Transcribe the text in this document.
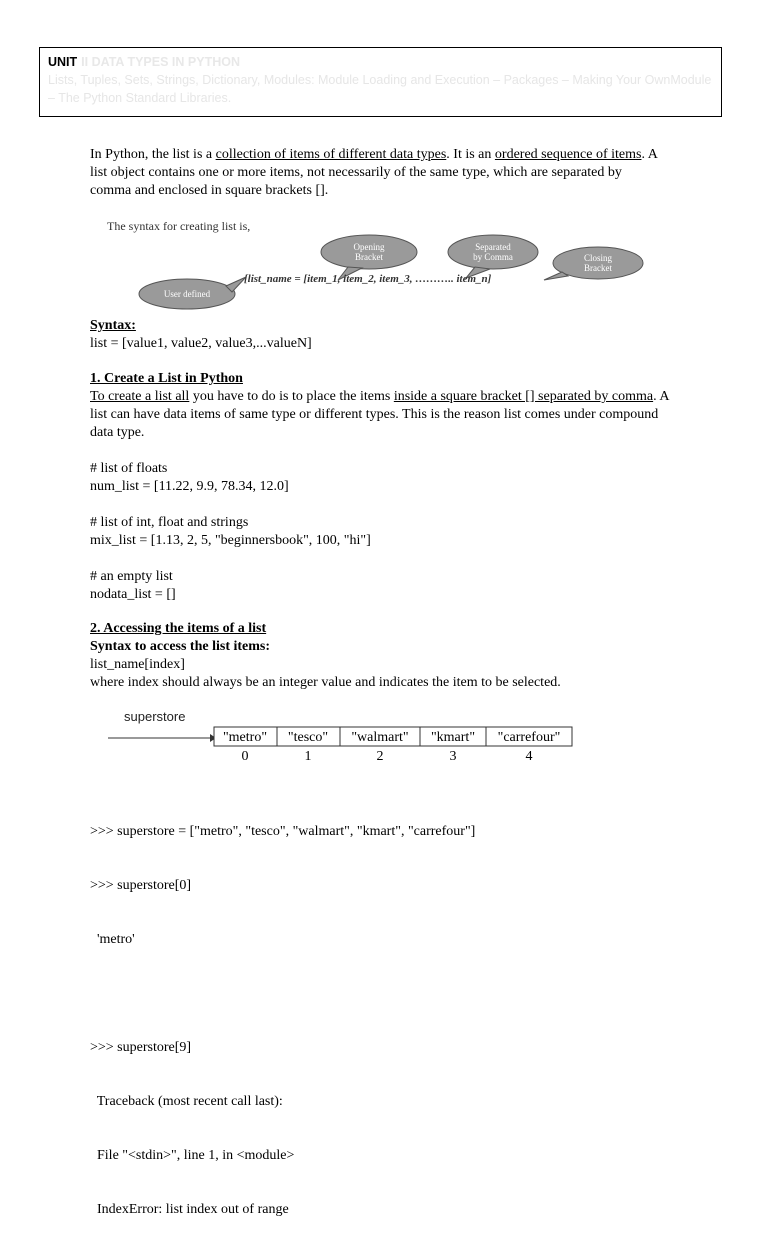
UNIT II DATA TYPES IN PYTHON
Lists, Tuples, Sets, Strings, Dictionary, Modules: Module Loading and Execution – Packages – Making Your OwnModule – The Python Standard Libraries.
In Python, the list is a collection of items of different data types. It is an ordered sequence of items. A list object contains one or more items, not necessarily of the same type, which are separated by comma and enclosed in square brackets [].
The syntax for creating list is,
Opening
Bracket
Separated
by Comma	Closing
Bracket
User defined
[list_name = [item_1, item_2, item_3, ……….. item_n]

Syntax:

list = [value1, value2, value3,...valueN]

1. Create a List in Python

To create a list all you have to do is to place the items inside a square bracket [] separated by comma. A list can have data items of same type or different types. This is the reason list comes under compound data type.

# list of floats

num_list = [11.22, 9.9, 78.34, 12.0]

# list of int, float and strings

mix_list = [1.13, 2, 5, "beginnersbook", 100, "hi"]

# an empty list

nodata_list = []

2. Accessing the items of a list

Syntax to access the list items:

list_name[index]

where index should always be an integer value and indicates the item to be selected.

superstore
"metro" "tesco" "walmart" "kmart" "carrefour"
0	1	2	3	4

>>> superstore = ["metro", "tesco", "walmart", "kmart", "carrefour"]

>>> superstore[0]

'metro'

>>> superstore[9]

Traceback (most recent call last):

File "<stdin>", line 1, in <module>

IndexError: list index out of range
